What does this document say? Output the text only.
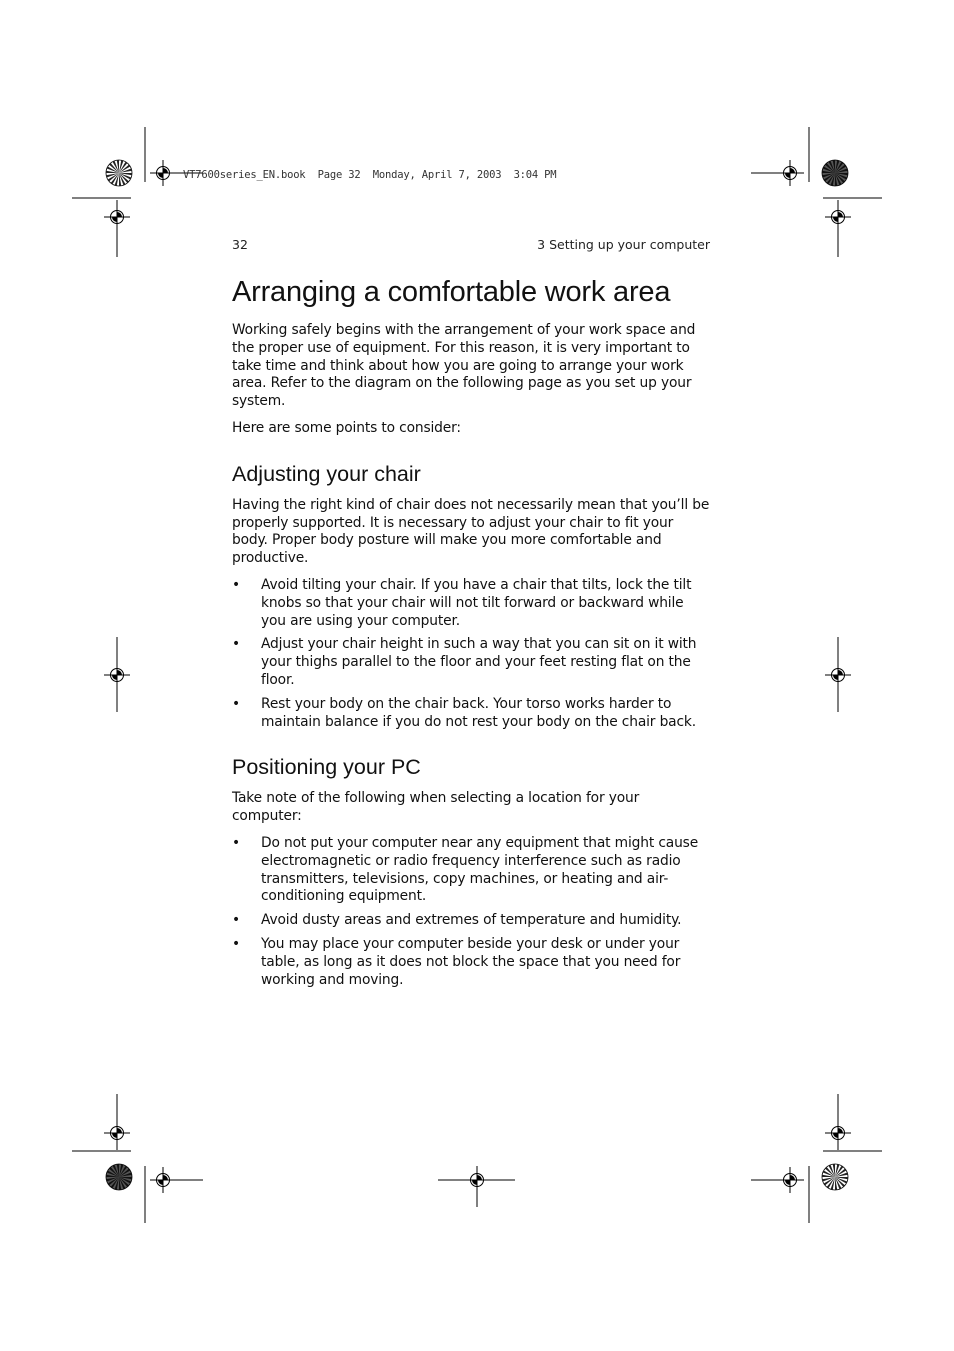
VT7600series_EN.book  Page 32  Monday, April 7, 2003  3:04 PM
32	3 Setting up your computer
Arranging a comfortable work area

Working safely begins with the arrangement of your work space and the proper use of equipment. For this reason, it is very important to take time and think about how you are going to arrange your work area. Refer to the diagram on the following page as you set up your system.

Here are some points to consider:

Adjusting your chair

Having the right kind of chair does not necessarily mean that you’ll be properly supported. It is necessary to adjust your chair to fit your body. Proper body posture will make you more comfortable and productive.

• Avoid tilting your chair. If you have a chair that tilts, lock the tilt knobs so that your chair will not tilt forward or backward while you are using your computer.
• Adjust your chair height in such a way that you can sit on it with your thighs parallel to the floor and your feet resting flat on the floor.
• Rest your body on the chair back. Your torso works harder to maintain balance if you do not rest your body on the chair back.
Positioning your PC

Take note of the following when selecting a location for your computer:

• Do not put your computer near any equipment that might cause electromagnetic or radio frequency interference such as radio transmitters, televisions, copy machines, or heating and air-conditioning equipment.
• Avoid dusty areas and extremes of temperature and humidity.
• You may place your computer beside your desk or under your table, as long as it does not block the space that you need for working and moving.
